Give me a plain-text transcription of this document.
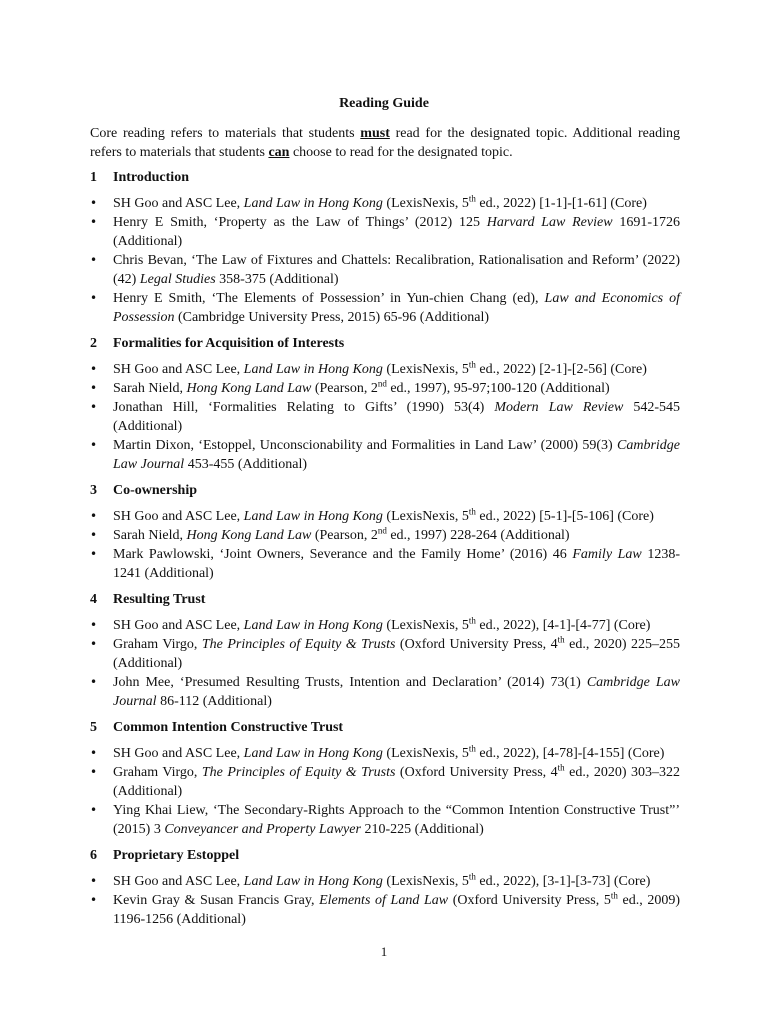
Reading Guide

Core reading refers to materials that students must read for the designated topic. Additional reading refers to materials that students can choose to read for the designated topic.

1	Introduction
• SH Goo and ASC Lee, Land Law in Hong Kong (LexisNexis, 5th ed., 2022) [1-1]-[1-61] (Core)
• Henry E Smith, ‘Property as the Law of Things’ (2012) 125 Harvard Law Review 1691-1726 (Additional)
• Chris Bevan, ‘The Law of Fixtures and Chattels: Recalibration, Rationalisation and Reform’ (2022) (42) Legal Studies 358-375 (Additional)
• Henry E Smith, ‘The Elements of Possession’ in Yun-chien Chang (ed), Law and Economics of Possession (Cambridge University Press, 2015) 65-96 (Additional)
2	Formalities for Acquisition of Interests
• SH Goo and ASC Lee, Land Law in Hong Kong (LexisNexis, 5th ed., 2022) [2-1]-[2-56] (Core)
• Sarah Nield, Hong Kong Land Law (Pearson, 2nd ed., 1997), 95-97;100-120 (Additional)
• Jonathan Hill, ‘Formalities Relating to Gifts’ (1990) 53(4) Modern Law Review 542-545 (Additional)
• Martin Dixon, ‘Estoppel, Unconscionability and Formalities in Land Law’ (2000) 59(3) Cambridge Law Journal 453-455 (Additional)
3	Co-ownership
• SH Goo and ASC Lee, Land Law in Hong Kong (LexisNexis, 5th ed., 2022) [5-1]-[5-106] (Core)
• Sarah Nield, Hong Kong Land Law (Pearson, 2nd ed., 1997) 228-264 (Additional)
• Mark Pawlowski, ‘Joint Owners, Severance and the Family Home’ (2016) 46 Family Law 1238-1241 (Additional)
4	Resulting Trust
• SH Goo and ASC Lee, Land Law in Hong Kong (LexisNexis, 5th ed., 2022), [4-1]-[4-77] (Core)
• Graham Virgo, The Principles of Equity & Trusts (Oxford University Press, 4th ed., 2020) 225–255 (Additional)
• John Mee, ‘Presumed Resulting Trusts, Intention and Declaration’ (2014) 73(1) Cambridge Law Journal 86-112 (Additional)
5	Common Intention Constructive Trust
• SH Goo and ASC Lee, Land Law in Hong Kong (LexisNexis, 5th ed., 2022), [4-78]-[4-155] (Core)
• Graham Virgo, The Principles of Equity & Trusts (Oxford University Press, 4th ed., 2020) 303–322 (Additional)
• Ying Khai Liew, ‘The Secondary-Rights Approach to the “Common Intention Constructive Trust”’ (2015) 3 Conveyancer and Property Lawyer 210-225 (Additional)
6	Proprietary Estoppel
• SH Goo and ASC Lee, Land Law in Hong Kong (LexisNexis, 5th ed., 2022), [3-1]-[3-73] (Core)
• Kevin Gray & Susan Francis Gray, Elements of Land Law (Oxford University Press, 5th ed., 2009) 1196-1256 (Additional)
1
